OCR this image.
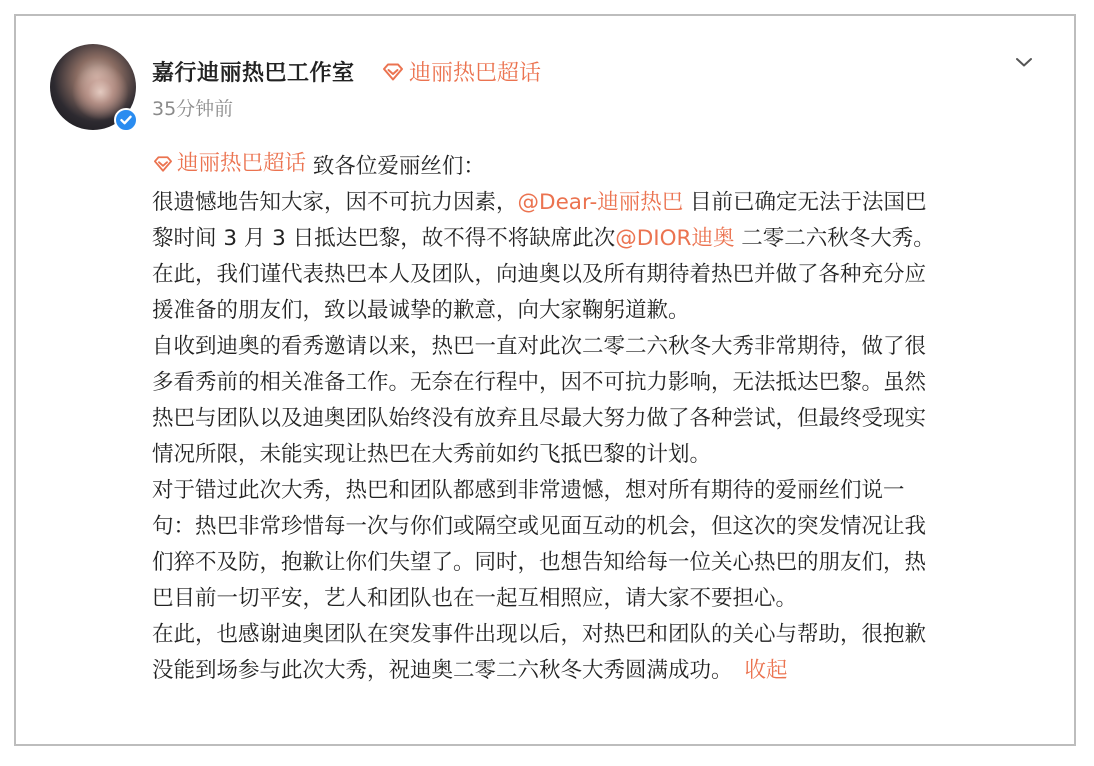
嘉行迪丽热巴工作室 迪丽热巴超话
35分钟前

迪丽热巴超话 致各位爱丽丝们：

很遗憾地告知大家，因不可抗力因素，@Dear-迪丽热巴 目前已确定无法于法国巴

黎时间 3 月 3 日抵达巴黎，故不得不将缺席此次@DIOR迪奥 二零二六秋冬大秀。

在此，我们谨代表热巴本人及团队，向迪奥以及所有期待着热巴并做了各种充分应

援准备的朋友们，致以最诚挚的歉意，向大家鞠躬道歉。

自收到迪奥的看秀邀请以来，热巴一直对此次二零二六秋冬大秀非常期待，做了很

多看秀前的相关准备工作。无奈在行程中，因不可抗力影响，无法抵达巴黎。虽然

热巴与团队以及迪奥团队始终没有放弃且尽最大努力做了各种尝试，但最终受现实

情况所限，未能实现让热巴在大秀前如约飞抵巴黎的计划。

对于错过此次大秀，热巴和团队都感到非常遗憾，想对所有期待的爱丽丝们说一

句：热巴非常珍惜每一次与你们或隔空或见面互动的机会，但这次的突发情况让我

们猝不及防，抱歉让你们失望了。同时，也想告知给每一位关心热巴的朋友们，热

巴目前一切平安，艺人和团队也在一起互相照应，请大家不要担心。

在此，也感谢迪奥团队在突发事件出现以后，对热巴和团队的关心与帮助，很抱歉

没能到场参与此次大秀，祝迪奥二零二六秋冬大秀圆满成功。 收起
